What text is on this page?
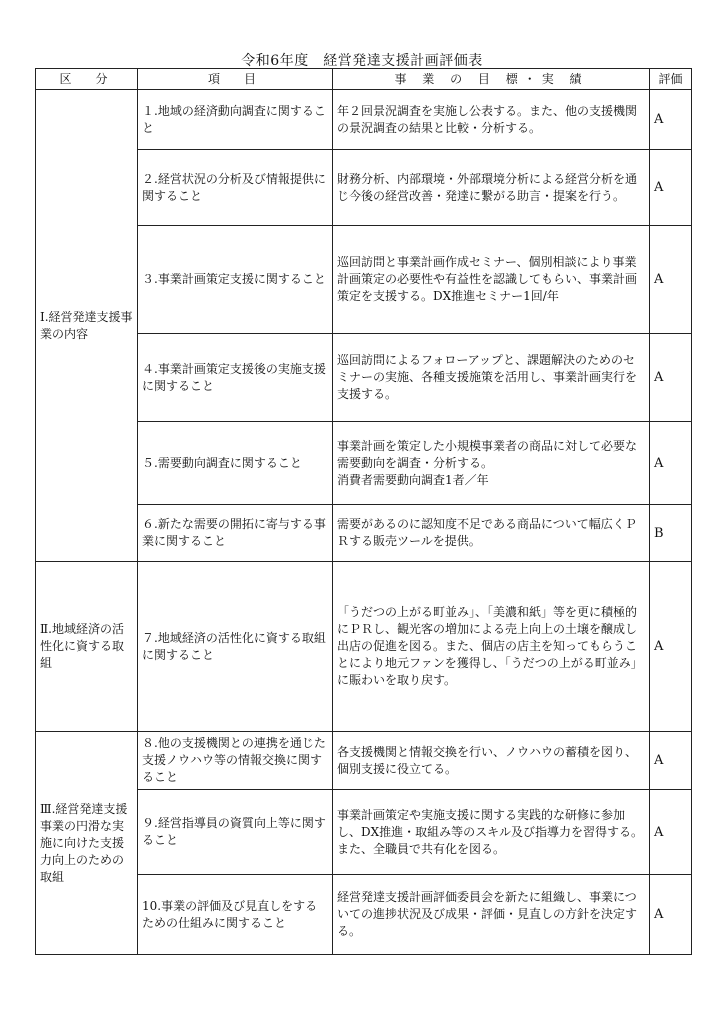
令和6年度　経営発達支援計画評価表
区　分	項　目	事 業 の 目 標・実 績	評価
Ⅰ.経営発達支援事業の内容	１.地域の経済動向調査に関すること	年２回景況調査を実施し公表する。また、他の支援機関の景況調査の結果と比較・分析する。	A
	２.経営状況の分析及び情報提供に関すること	財務分析、内部環境・外部環境分析による経営分析を通じ今後の経営改善・発達に繋がる助言・提案を行う。	A
	３.事業計画策定支援に関すること	巡回訪問と事業計画作成セミナー、個別相談により事業計画策定の必要性や有益性を認識してもらい、事業計画策定を支援する。DX推進セミナー1回/年	A
	４.事業計画策定支援後の実施支援に関すること	巡回訪問によるフォローアップと、課題解決のためのセミナーの実施、各種支援施策を活用し、事業計画実行を支援する。	A
	５.需要動向調査に関すること	事業計画を策定した小規模事業者の商品に対して必要な需要動向を調査・分析する。
消費者需要動向調査1者／年	A
	６.新たな需要の開拓に寄与する事業に関すること	需要があるのに認知度不足である商品について幅広くＰＲする販売ツールを提供。	B
Ⅱ.地域経済の活性化に資する取組	７.地域経済の活性化に資する取組に関すること	「うだつの上がる町並み」、「美濃和紙」等を更に積極的にＰＲし、観光客の増加による売上向上の土壌を醸成し出店の促進を図る。また、個店の店主を知ってもらうことにより地元ファンを獲得し、「うだつの上がる町並み」に賑わいを取り戻す。	A
Ⅲ.経営発達支援事業の円滑な実施に向けた支援力向上のための取組	８.他の支援機関との連携を通じた支援ノウハウ等の情報交換に関すること	各支援機関と情報交換を行い、ノウハウの蓄積を図り、個別支援に役立てる。	A
	９.経営指導員の資質向上等に関すること	事業計画策定や実施支援に関する実践的な研修に参加し、DX推進・取組み等のスキル及び指導力を習得する。また、全職員で共有化を図る。	A
	10.事業の評価及び見直しをするための仕組みに関すること	経営発達支援計画評価委員会を新たに組織し、事業についての進捗状況及び成果・評価・見直しの方針を決定する。	A
